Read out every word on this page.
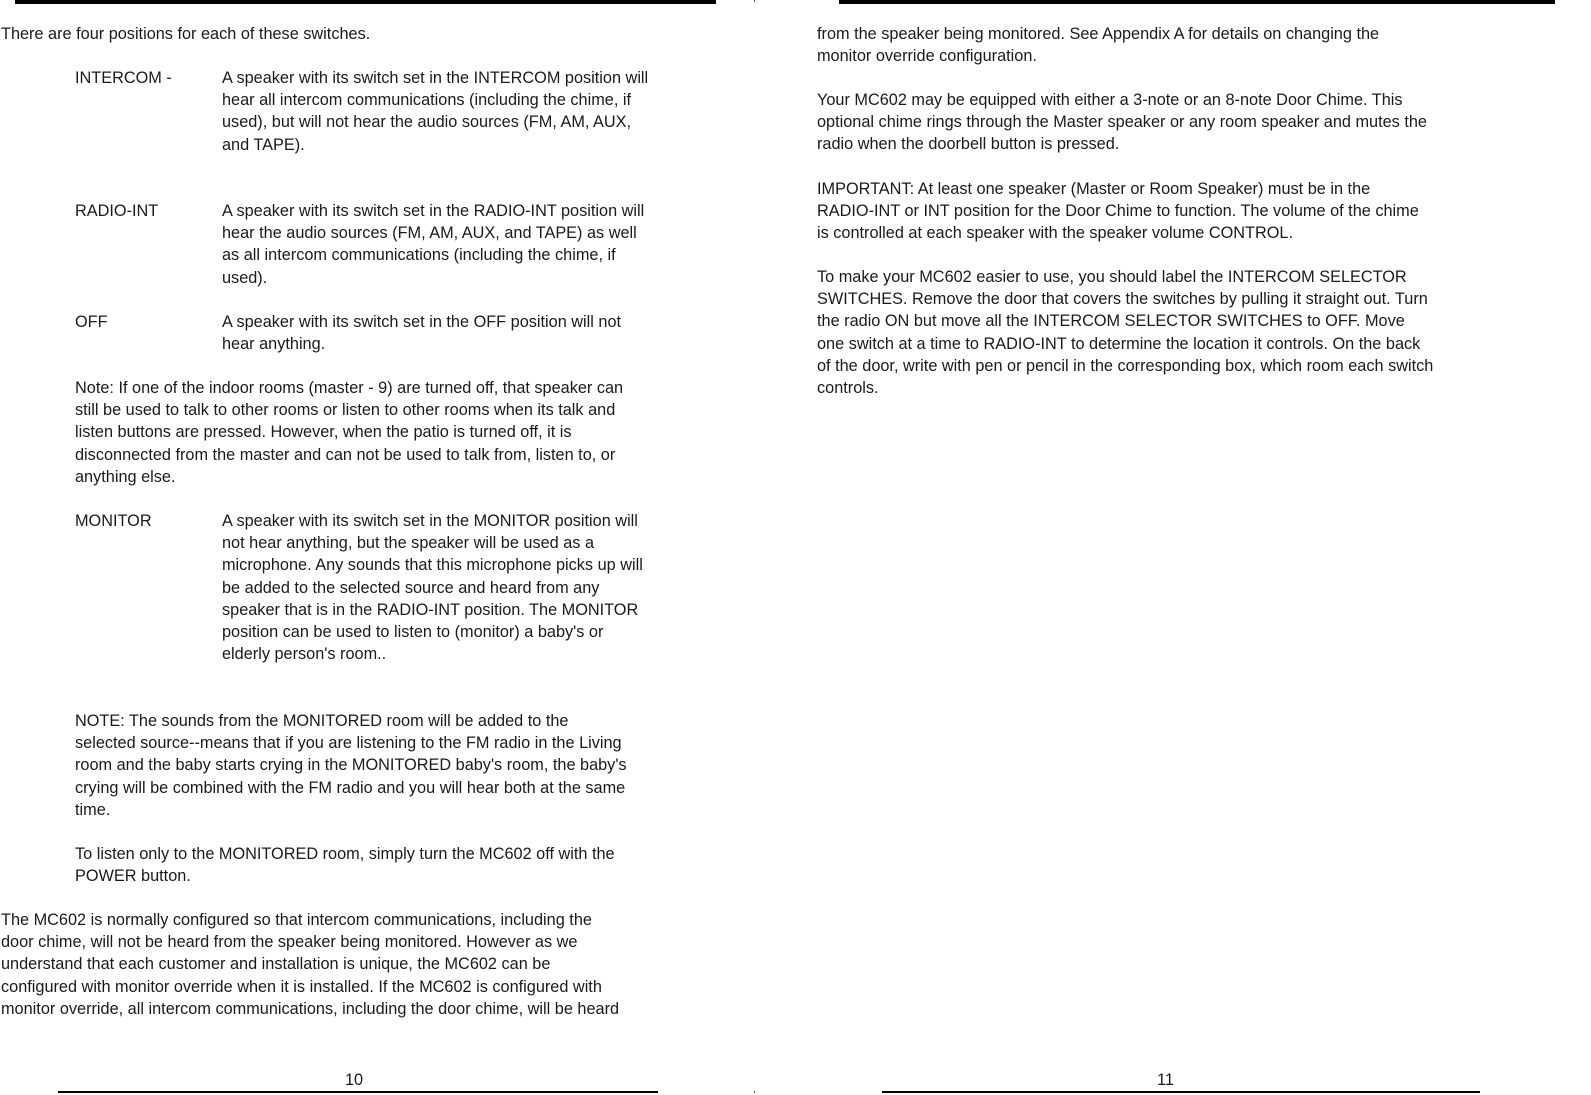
There are four positions for each of these switches.

INTERCOM -	A speaker with its switch set in the INTERCOM position will
hear all intercom communications (including the chime, if
used), but will not hear the audio sources (FM, AM, AUX,
and TAPE).

RADIO-INT	A speaker with its switch set in the RADIO-INT position will
hear the audio sources (FM, AM, AUX, and TAPE) as well
as all intercom communications (including the chime, if
used).

OFF	A speaker with its switch set in the OFF position will not
hear anything.

Note: If one of the indoor rooms (master - 9) are turned off, that speaker can
still be used to talk to other rooms or listen to other rooms when its talk and
listen buttons are pressed. However, when the patio is turned off, it is
disconnected from the master and can not be used to talk from, listen to, or
anything else.

MONITOR	A speaker with its switch set in the MONITOR position will
not hear anything, but the speaker will be used as a
microphone. Any sounds that this microphone picks up will
be added to the selected source and heard from any
speaker that is in the RADIO-INT position. The MONITOR
position can be used to listen to (monitor) a baby's or
elderly person's room..

NOTE: The sounds from the MONITORED room will be added to the
selected source--means that if you are listening to the FM radio in the Living
room and the baby starts crying in the MONITORED baby's room, the baby's
crying will be combined with the FM radio and you will hear both at the same
time.

To listen only to the MONITORED room, simply turn the MC602 off with the
POWER button.

The MC602 is normally configured so that intercom communications, including the
door chime, will not be heard from the speaker being monitored. However as we
understand that each customer and installation is unique, the MC602 can be
configured with monitor override when it is installed. If the MC602 is configured with
monitor override, all intercom communications, including the door chime, will be heard

10

from the speaker being monitored. See Appendix A for details on changing the
monitor override configuration.

Your MC602 may be equipped with either a 3-note or an 8-note Door Chime. This
optional chime rings through the Master speaker or any room speaker and mutes the
radio when the doorbell button is pressed.

IMPORTANT: At least one speaker (Master or Room Speaker) must be in the
RADIO-INT or INT position for the Door Chime to function. The volume of the chime
is controlled at each speaker with the speaker volume CONTROL.

To make your MC602 easier to use, you should label the INTERCOM SELECTOR
SWITCHES. Remove the door that covers the switches by pulling it straight out. Turn
the radio ON but move all the INTERCOM SELECTOR SWITCHES to OFF. Move
one switch at a time to RADIO-INT to determine the location it controls. On the back
of the door, write with pen or pencil in the corresponding box, which room each switch
controls.

11
